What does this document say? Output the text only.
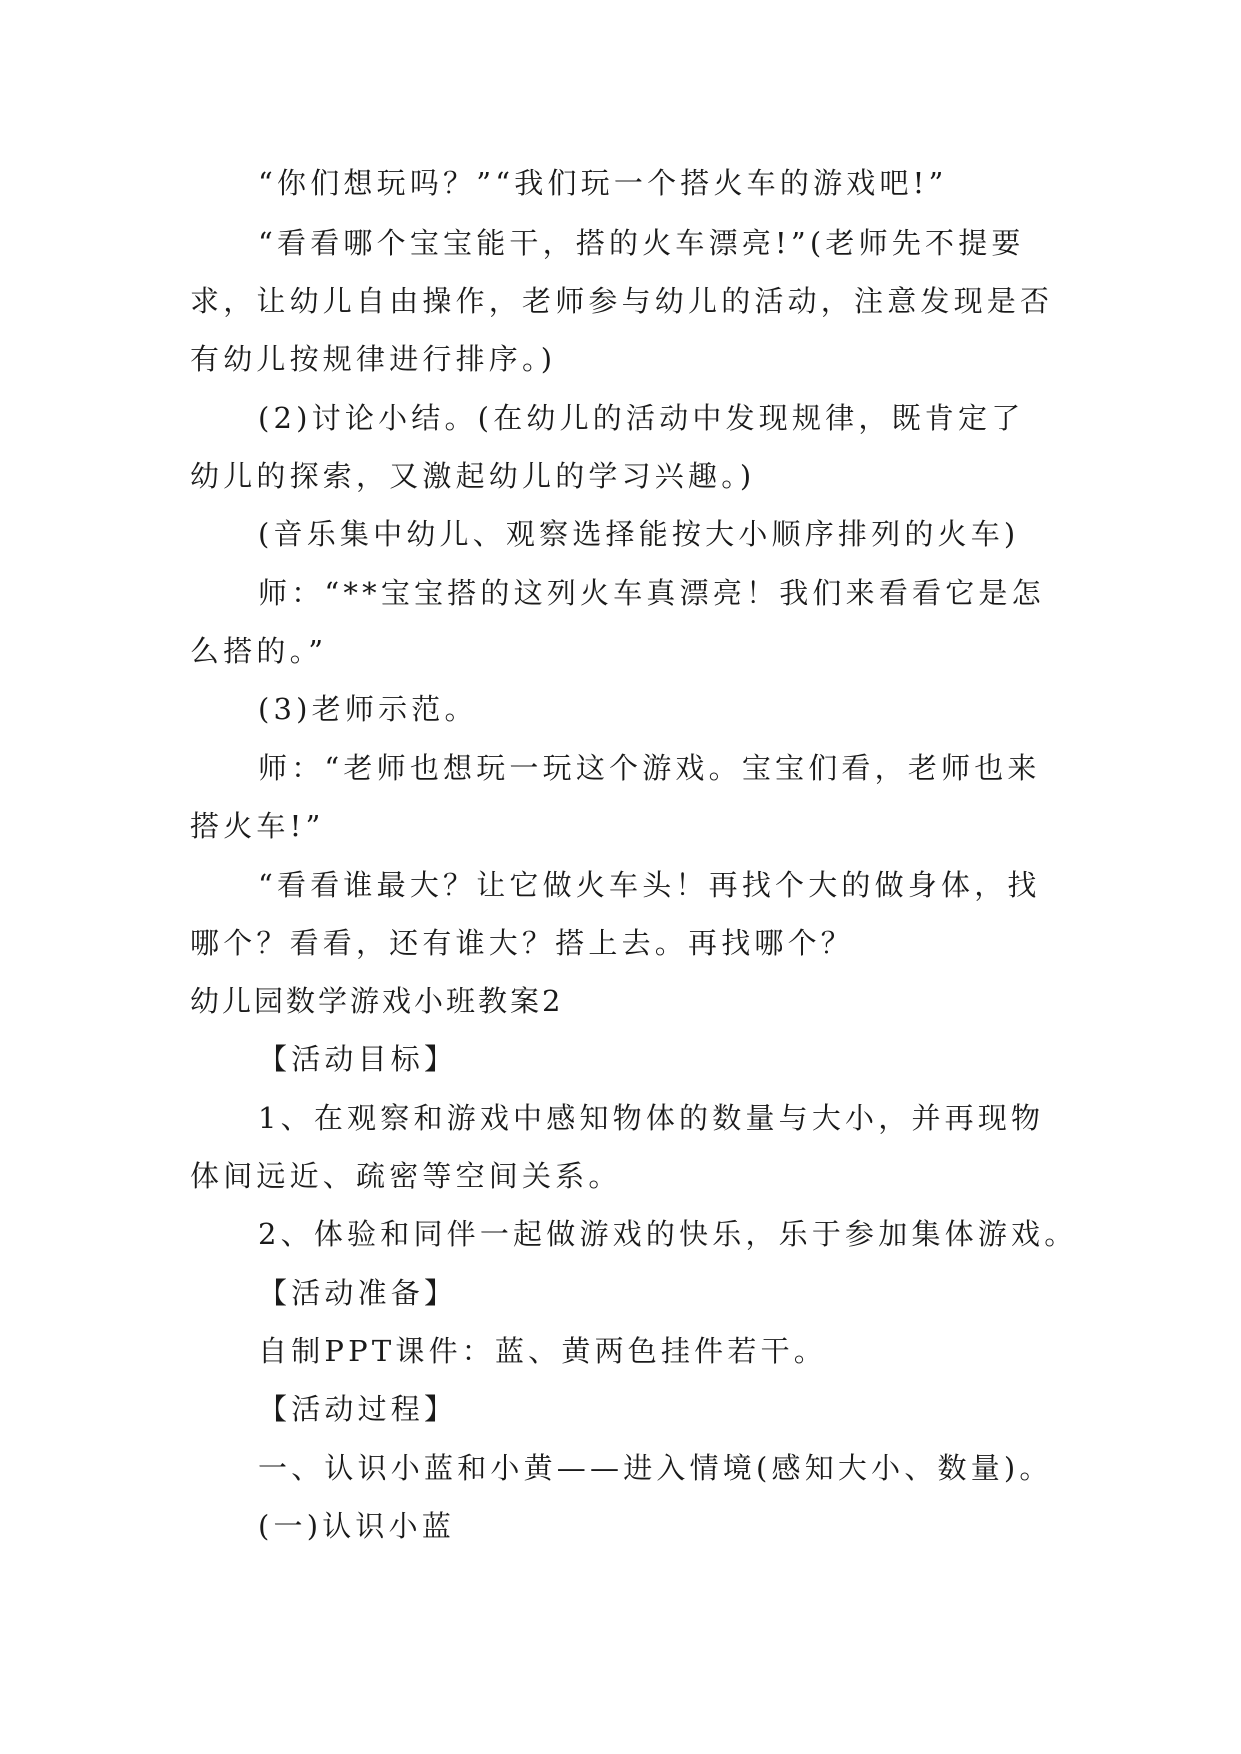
“你们想玩吗？”“我们玩一个搭火车的游戏吧!”
“看看哪个宝宝能干，搭的火车漂亮!”(老师先不提要
求，让幼儿自由操作，老师参与幼儿的活动，注意发现是否
有幼儿按规律进行排序。)
(2)讨论小结。(在幼儿的活动中发现规律，既肯定了
幼儿的探索，又激起幼儿的学习兴趣。)
(音乐集中幼儿、观察选择能按大小顺序排列的火车)
师：“**宝宝搭的这列火车真漂亮！我们来看看它是怎
么搭的。”
(3)老师示范。
师：“老师也想玩一玩这个游戏。宝宝们看，老师也来
搭火车!”
“看看谁最大？让它做火车头！再找个大的做身体，找
哪个？看看，还有谁大？搭上去。再找哪个？
幼儿园数学游戏小班教案2
【活动目标】
1、在观察和游戏中感知物体的数量与大小，并再现物
体间远近、疏密等空间关系。
2、体验和同伴一起做游戏的快乐，乐于参加集体游戏。
【活动准备】
自制PPT课件：蓝、黄两色挂件若干。
【活动过程】
一、认识小蓝和小黄——进入情境(感知大小、数量)。
(一)认识小蓝
